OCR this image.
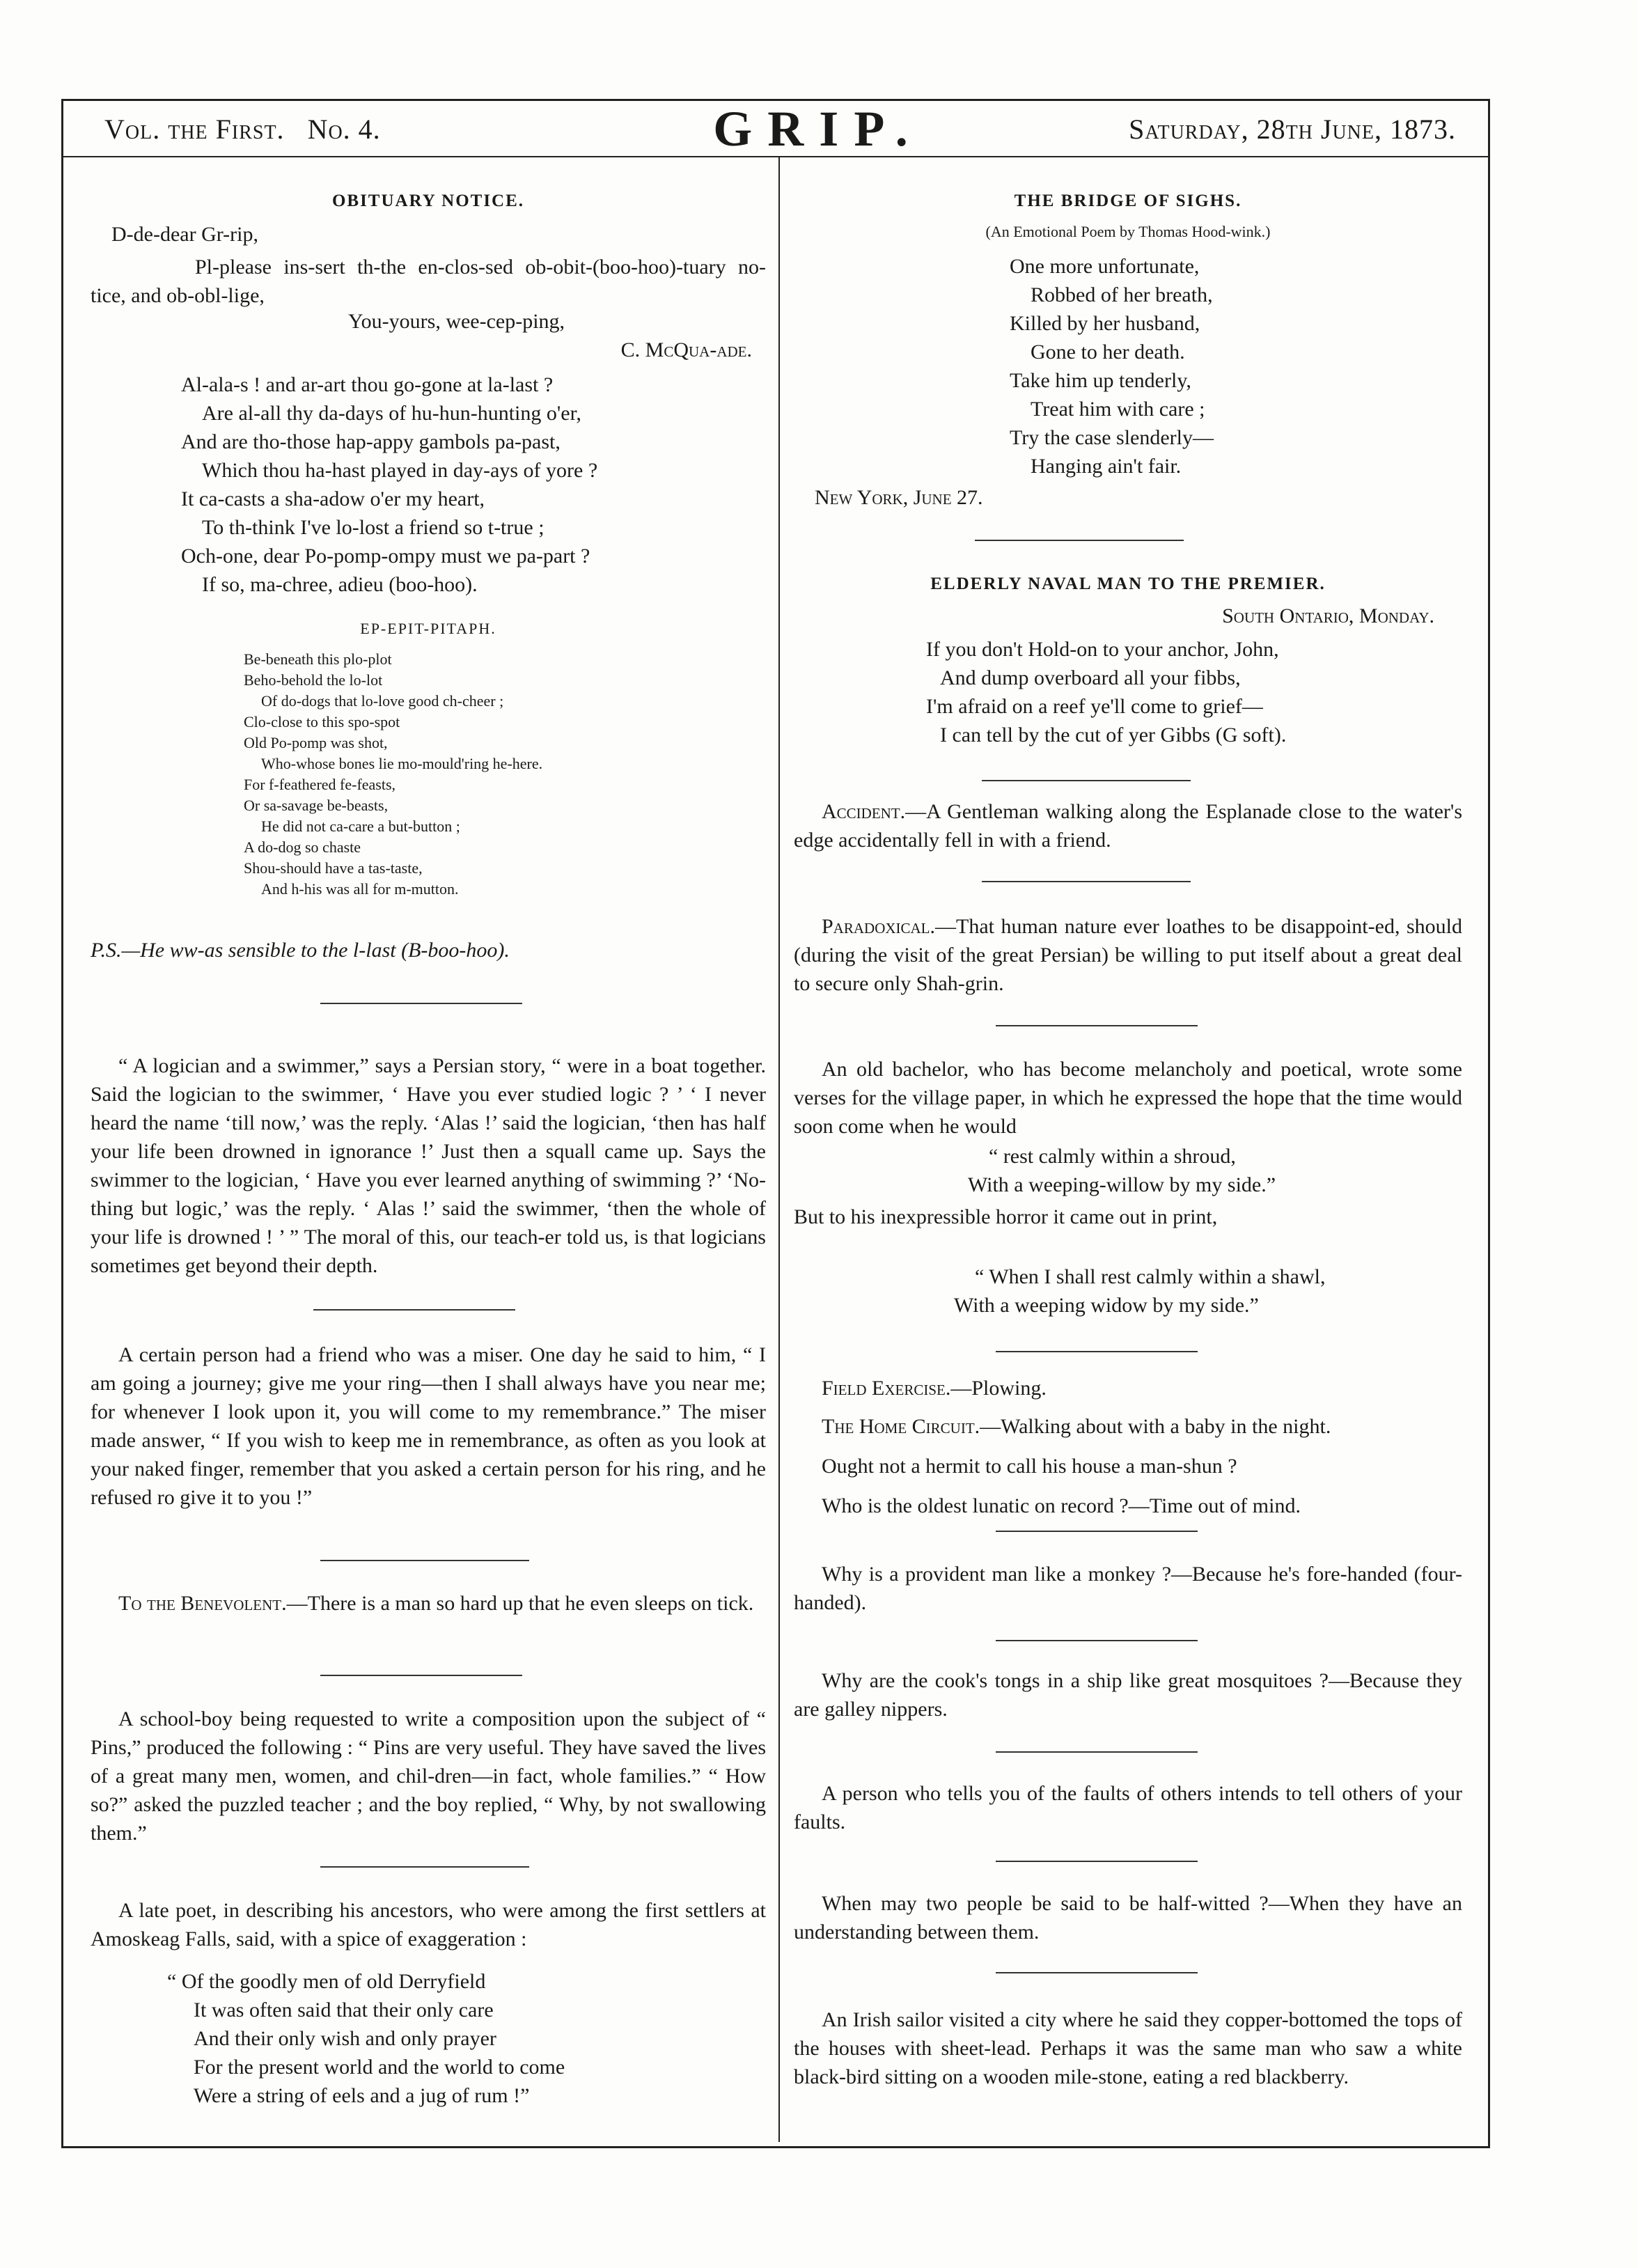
Vol. the First.
No. 4.	GRIP.	Saturday, 28th June, 1873.
OBITUARY NOTICE.
D-de-dear Gr-rip,

Pl-please ins-sert th-the en-clos-sed ob-obit-(boo-hoo)-tuary no-tice, and ob-obl-lige,

You-yours, wee-cep-ping,
C. McQua-ade.
Al-ala-s ! and ar-art thou go-gone at la-last ?
Are al-all thy da-days of hu-hun-hunting o'er,
And are tho-those hap-appy gambols pa-past,
Which thou ha-hast played in day-ays of yore ?
It ca-casts a sha-adow o'er my heart,
To th-think I've lo-lost a friend so t-true ;
Och-one, dear Po-pomp-ompy must we pa-part ?
If so, ma-chree, adieu (boo-hoo).
EP-EPIT-PITAPH.
Be-beneath this plo-plot
Beho-behold the lo-lot
Of do-dogs that lo-love good ch-cheer ;
Clo-close to this spo-spot
Old Po-pomp was shot,
Who-whose bones lie mo-mould'ring he-here.
For f-feathered fe-feasts,
Or sa-savage be-beasts,
He did not ca-care a but-button ;
A do-dog so chaste
Shou-should have a tas-taste,
And h-his was all for m-mutton.
P.S.—He ww-as sensible to the l-last (B-boo-hoo).

“ A logician and a swimmer,” says a Persian story, “ were in a boat together. Said the logician to the swimmer, ‘ Have you ever studied logic ? ’ ‘ I never heard the name ‘till now,’ was the reply. ‘Alas !’ said the logician, ‘then has half your life been drowned in ignorance !’ Just then a squall came up. Says the swimmer to the logician, ‘ Have you ever learned anything of swimming ?’ ‘No-thing but logic,’ was the reply. ‘ Alas !’ said the swimmer, ‘then the whole of your life is drowned ! ’ ” The moral of this, our teach-er told us, is that logicians sometimes get beyond their depth.

A certain person had a friend who was a miser. One day he said to him, “ I am going a journey; give me your ring—then I shall always have you near me; for whenever I look upon it, you will come to my remembrance.” The miser made answer, “ If you wish to keep me in remembrance, as often as you look at your naked finger, remember that you asked a certain person for his ring, and he refused ro give it to you !”

To the Benevolent.—There is a man so hard up that he even sleeps on tick.

A school-boy being requested to write a composition upon the subject of “ Pins,” produced the following : “ Pins are very useful. They have saved the lives of a great many men, women, and chil-dren—in fact, whole families.” “ How so?” asked the puzzled teacher ; and the boy replied, “ Why, by not swallowing them.”

A late poet, in describing his ancestors, who were among the first settlers at Amoskeag Falls, said, with a spice of exaggeration :

“ Of the goodly men of old Derryfield
It was often said that their only care
And their only wish and only prayer
For the present world and the world to come
Were a string of eels and a jug of rum !”
THE BRIDGE OF SIGHS.
(An Emotional Poem by Thomas Hood-wink.)
One more unfortunate,
Robbed of her breath,
Killed by her husband,
Gone to her death.
Take him up tenderly,
Treat him with care ;
Try the case slenderly—
Hanging ain't fair.
New York, June 27.
ELDERLY NAVAL MAN TO THE PREMIER.
South Ontario, Monday.
If you don't Hold-on to your anchor, John,
And dump overboard all your fibbs,
I'm afraid on a reef ye'll come to grief—
I can tell by the cut of yer Gibbs (G soft).

Accident.—A Gentleman walking along the Esplanade close to the water's edge accidentally fell in with a friend.

Paradoxical.—That human nature ever loathes to be disappoint-ed, should (during the visit of the great Persian) be willing to put itself about a great deal to secure only Shah-grin.

An old bachelor, who has become melancholy and poetical, wrote some verses for the village paper, in which he expressed the hope that the time would soon come when he would

“ rest calmly within a shroud,
With a weeping-willow by my side.”

But to his inexpressible horror it came out in print,

“ When I shall rest calmly within a shawl,
With a weeping widow by my side.”

Field Exercise.—Plowing.

The Home Circuit.—Walking about with a baby in the night.

Ought not a hermit to call his house a man-shun ?

Who is the oldest lunatic on record ?—Time out of mind.

Why is a provident man like a monkey ?—Because he's fore-handed (four-handed).

Why are the cook's tongs in a ship like great mosquitoes ?—Because they are galley nippers.

A person who tells you of the faults of others intends to tell others of your faults.

When may two people be said to be half-witted ?—When they have an understanding between them.

An Irish sailor visited a city where he said they copper-bottomed the tops of the houses with sheet-lead. Perhaps it was the same man who saw a white black-bird sitting on a wooden mile-stone, eating a red blackberry.
